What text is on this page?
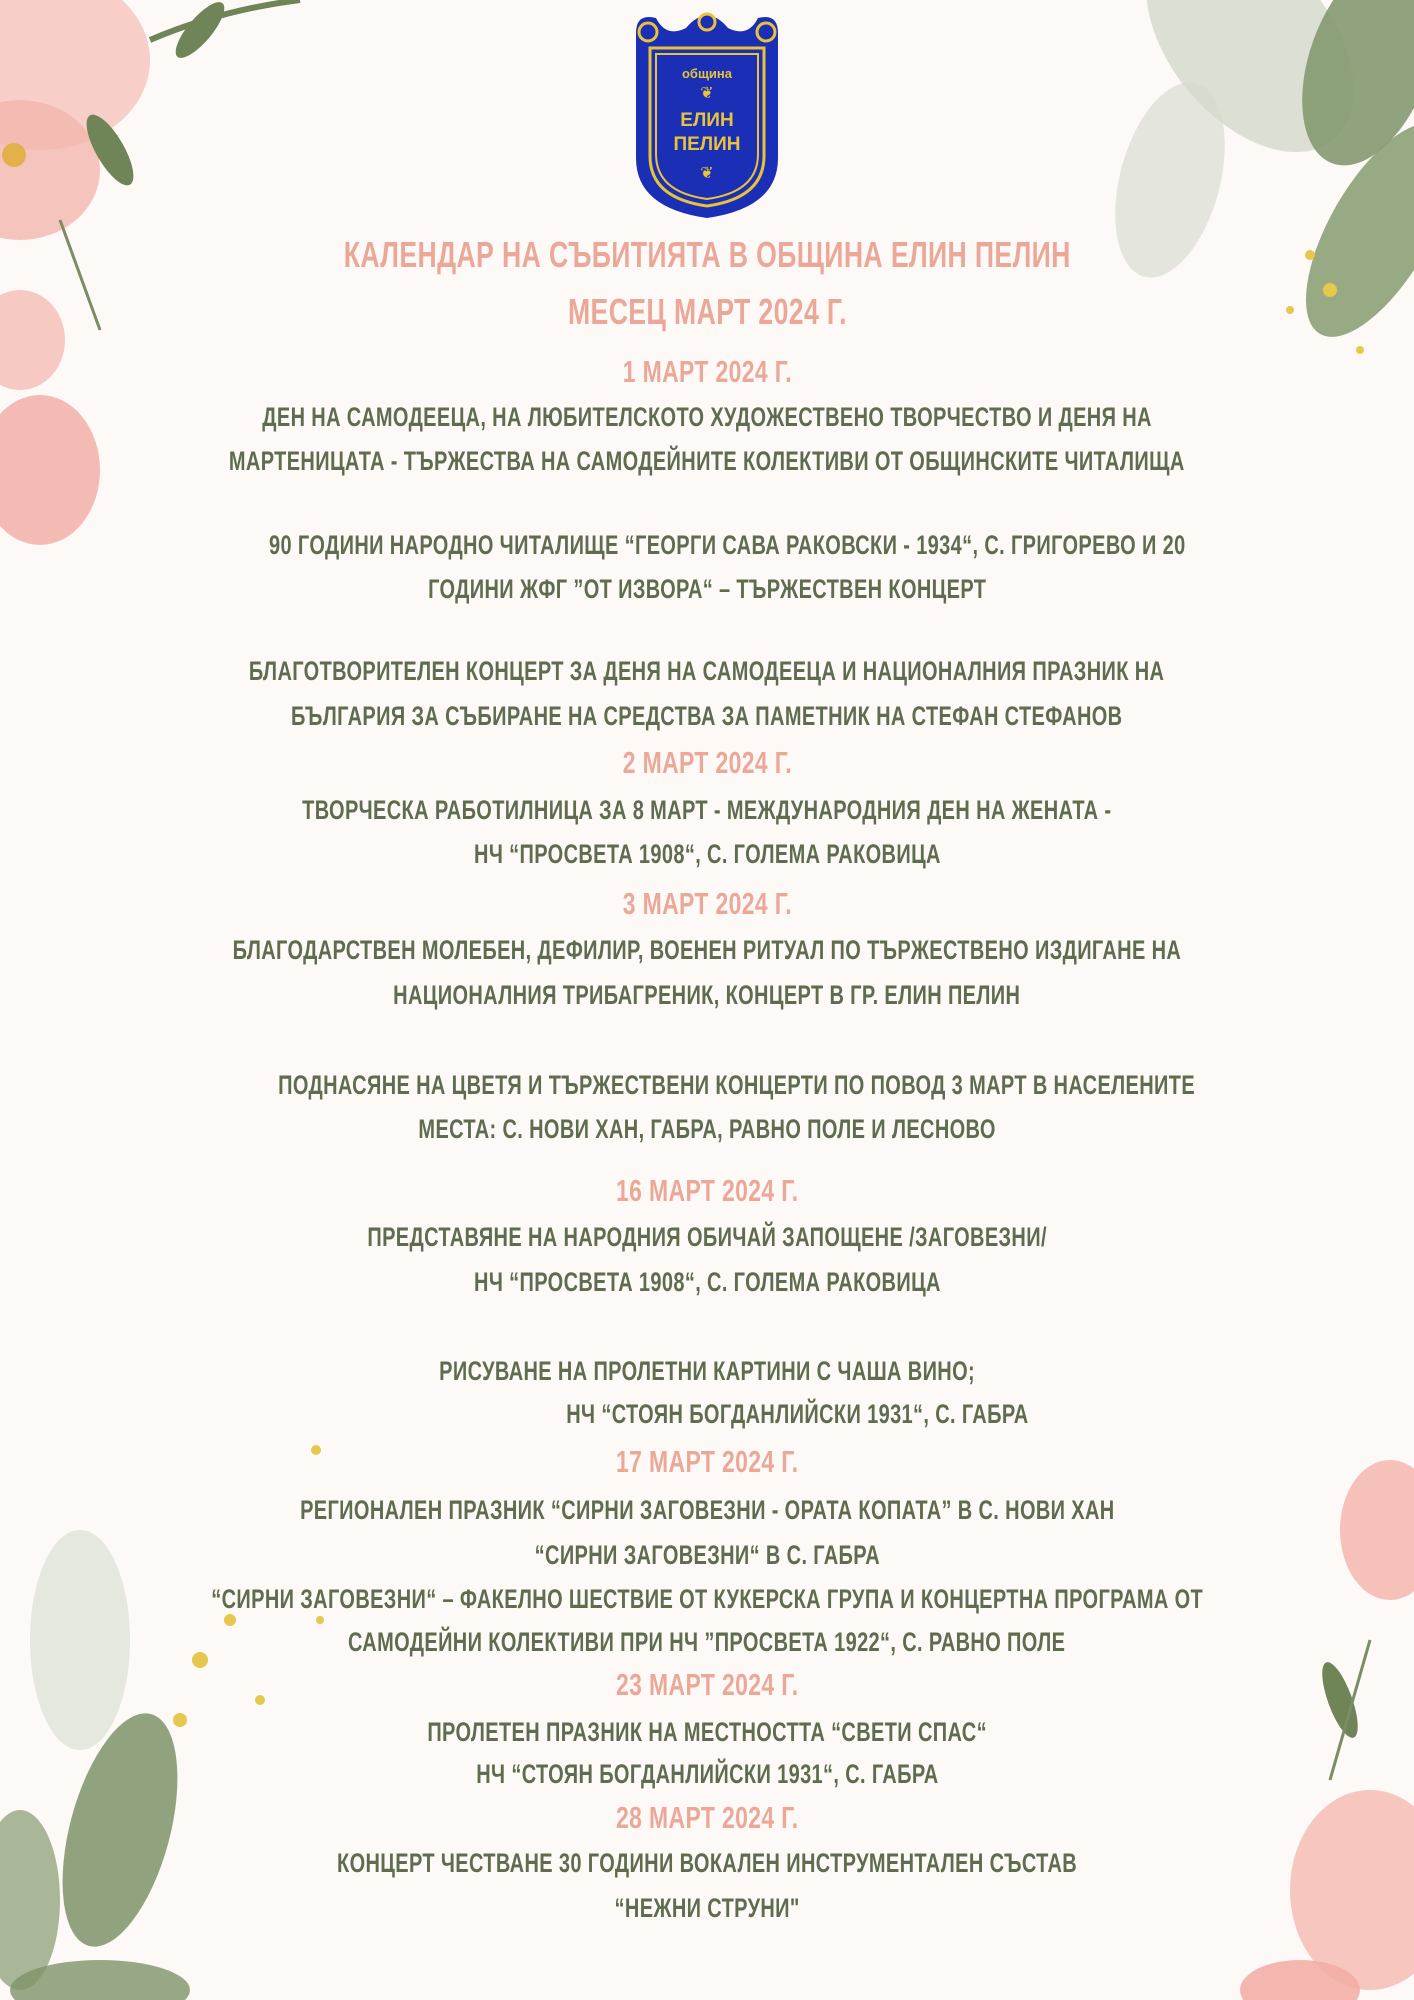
община
❦
ЕЛИН
ПЕЛИН
❦
КАЛЕНДАР НА СЪБИТИЯТА В ОБЩИНА ЕЛИН ПЕЛИН
МЕСЕЦ МАРТ 2024 Г.
1 МАРТ 2024 Г.
ДЕН НА САМОДЕЕЦА, НА ЛЮБИТЕЛСКОТО ХУДОЖЕСТВЕНО ТВОРЧЕСТВО И ДЕНЯ НА
МАРТЕНИЦАТА - ТЪРЖЕСТВА НА САМОДЕЙНИТЕ КОЛЕКТИВИ ОТ ОБЩИНСКИТЕ ЧИТАЛИЩА
90 ГОДИНИ НАРОДНО ЧИТАЛИЩЕ “ГЕОРГИ САВА РАКОВСКИ - 1934“, С. ГРИГОРЕВО И 20
ГОДИНИ ЖФГ ”ОТ ИЗВОРА“ – ТЪРЖЕСТВЕН КОНЦЕРТ
БЛАГОТВОРИТЕЛЕН КОНЦЕРТ ЗА ДЕНЯ НА САМОДЕЕЦА И НАЦИОНАЛНИЯ ПРАЗНИК НА
БЪЛГАРИЯ ЗА СЪБИРАНЕ НА СРЕДСТВА ЗА ПАМЕТНИК НА СТЕФАН СТЕФАНОВ
2 МАРТ 2024 Г.
ТВОРЧЕСКА РАБОТИЛНИЦА ЗА 8 МАРТ - МЕЖДУНАРОДНИЯ ДЕН НА ЖЕНАТА -
НЧ “ПРОСВЕТА 1908“, С. ГОЛЕМА РАКОВИЦА
3 МАРТ 2024 Г.
БЛАГОДАРСТВЕН МОЛЕБЕН, ДЕФИЛИР, ВОЕНЕН РИТУАЛ ПО ТЪРЖЕСТВЕНО ИЗДИГАНЕ НА
НАЦИОНАЛНИЯ ТРИБАГРЕНИК, КОНЦЕРТ В ГР. ЕЛИН ПЕЛИН
ПОДНАСЯНЕ НА ЦВЕТЯ И ТЪРЖЕСТВЕНИ КОНЦЕРТИ ПО ПОВОД 3 МАРТ В НАСЕЛЕНИТЕ
МЕСТА: С. НОВИ ХАН, ГАБРА, РАВНО ПОЛЕ И ЛЕСНОВО
16 МАРТ 2024 Г.
ПРЕДСТАВЯНЕ НА НАРОДНИЯ ОБИЧАЙ ЗАПОЩЕНЕ /ЗАГОВЕЗНИ/
НЧ “ПРОСВЕТА 1908“, С. ГОЛЕМА РАКОВИЦА
РИСУВАНЕ НА ПРОЛЕТНИ КАРТИНИ С ЧАША ВИНО;
НЧ “СТОЯН БОГДАНЛИЙСКИ 1931“, С. ГАБРА
17 МАРТ 2024 Г.
РЕГИОНАЛЕН ПРАЗНИК “СИРНИ ЗАГОВЕЗНИ - ОРАТА КОПАТА” В С. НОВИ ХАН
“СИРНИ ЗАГОВЕЗНИ“ В С. ГАБРА
“СИРНИ ЗАГОВЕЗНИ“ – ФАКЕЛНО ШЕСТВИЕ ОТ КУКЕРСКА ГРУПА И КОНЦЕРТНА ПРОГРАМА ОТ
САМОДЕЙНИ КОЛЕКТИВИ ПРИ НЧ ”ПРОСВЕТА 1922“, С. РАВНО ПОЛЕ
23 МАРТ 2024 Г.
ПРОЛЕТЕН ПРАЗНИК НА МЕСТНОСТТА “СВЕТИ СПАС“
НЧ “СТОЯН БОГДАНЛИЙСКИ 1931“, С. ГАБРА
28 МАРТ 2024 Г.
КОНЦЕРТ ЧЕСТВАНЕ 30 ГОДИНИ ВОКАЛЕН ИНСТРУМЕНТАЛЕН СЪСТАВ
“НЕЖНИ СТРУНИ"
